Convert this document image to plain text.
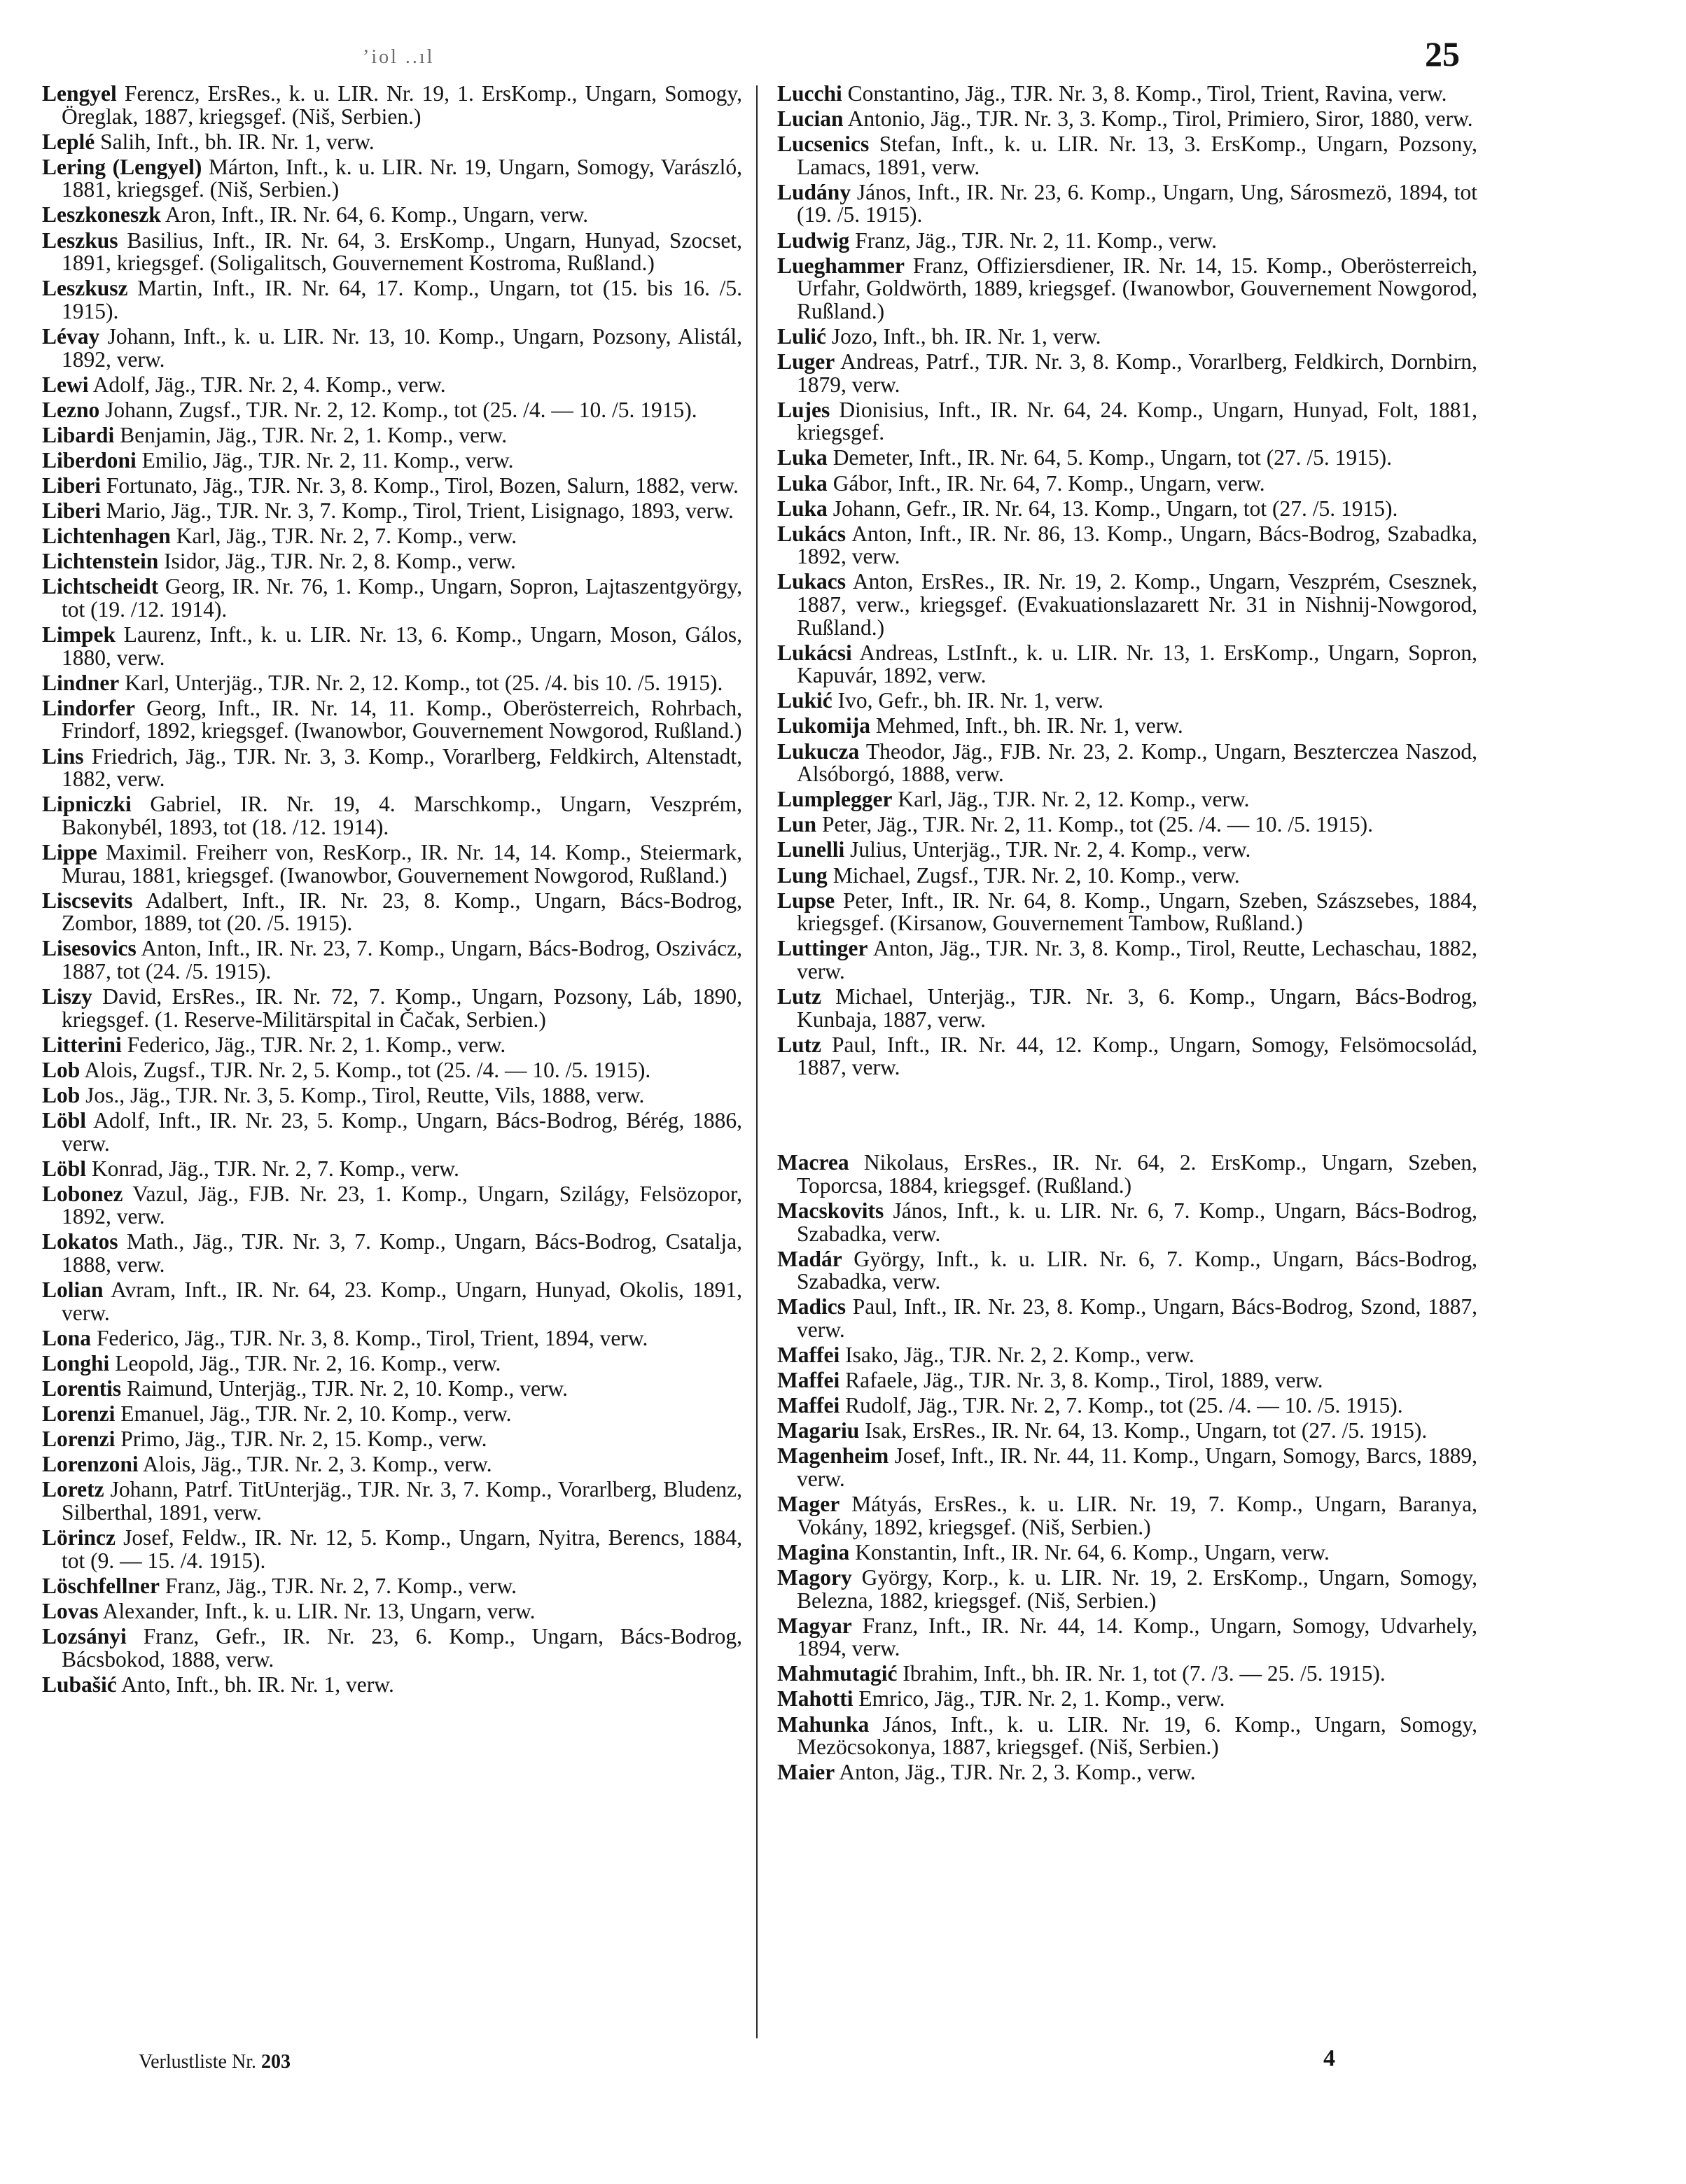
ʼiol ..ıl	25
Lengyel Ferencz, ErsRes., k. u. LIR. Nr. 19, 1. ErsKomp., Ungarn, Somogy, Öreglak, 1887, kriegsgef. (Niš, Serbien.)
Leplé Salih, Inft., bh. IR. Nr. 1, verw.
Lering (Lengyel) Márton, Inft., k. u. LIR. Nr. 19, Ungarn, Somogy, Varászló, 1881, kriegsgef. (Niš, Serbien.)
Leszkoneszk Aron, Inft., IR. Nr. 64, 6. Komp., Ungarn, verw.
Leszkus Basilius, Inft., IR. Nr. 64, 3. ErsKomp., Ungarn, Hunyad, Szocset, 1891, kriegsgef. (Soligalitsch, Gouvernement Kostroma, Rußland.)
Leszkusz Martin, Inft., IR. Nr. 64, 17. Komp., Ungarn, tot (15. bis 16. /5. 1915).
Lévay Johann, Inft., k. u. LIR. Nr. 13, 10. Komp., Ungarn, Pozsony, Alistál, 1892, verw.
Lewi Adolf, Jäg., TJR. Nr. 2, 4. Komp., verw.
Lezno Johann, Zugsf., TJR. Nr. 2, 12. Komp., tot (25. /4. — 10. /5. 1915).
Libardi Benjamin, Jäg., TJR. Nr. 2, 1. Komp., verw.
Liberdoni Emilio, Jäg., TJR. Nr. 2, 11. Komp., verw.
Liberi Fortunato, Jäg., TJR. Nr. 3, 8. Komp., Tirol, Bozen, Salurn, 1882, verw.
Liberi Mario, Jäg., TJR. Nr. 3, 7. Komp., Tirol, Trient, Lisignago, 1893, verw.
Lichtenhagen Karl, Jäg., TJR. Nr. 2, 7. Komp., verw.
Lichtenstein Isidor, Jäg., TJR. Nr. 2, 8. Komp., verw.
Lichtscheidt Georg, IR. Nr. 76, 1. Komp., Ungarn, Sopron, Lajtaszentgyörgy, tot (19. /12. 1914).
Limpek Laurenz, Inft., k. u. LIR. Nr. 13, 6. Komp., Ungarn, Moson, Gálos, 1880, verw.
Lindner Karl, Unterjäg., TJR. Nr. 2, 12. Komp., tot (25. /4. bis 10. /5. 1915).
Lindorfer Georg, Inft., IR. Nr. 14, 11. Komp., Oberösterreich, Rohrbach, Frindorf, 1892, kriegsgef. (Iwanowbor, Gouvernement Nowgorod, Rußland.)
Lins Friedrich, Jäg., TJR. Nr. 3, 3. Komp., Vorarlberg, Feldkirch, Altenstadt, 1882, verw.
Lipniczki Gabriel, IR. Nr. 19, 4. Marschkomp., Ungarn, Veszprém, Bakonybél, 1893, tot (18. /12. 1914).
Lippe Maximil. Freiherr von, ResKorp., IR. Nr. 14, 14. Komp., Steiermark, Murau, 1881, kriegsgef. (Iwanowbor, Gouvernement Nowgorod, Rußland.)
Liscsevits Adalbert, Inft., IR. Nr. 23, 8. Komp., Ungarn, Bács-Bodrog, Zombor, 1889, tot (20. /5. 1915).
Lisesovics Anton, Inft., IR. Nr. 23, 7. Komp., Ungarn, Bács-Bodrog, Oszivácz, 1887, tot (24. /5. 1915).
Liszy David, ErsRes., IR. Nr. 72, 7. Komp., Ungarn, Pozsony, Láb, 1890, kriegsgef. (1. Reserve-Militärspital in Čačak, Serbien.)
Litterini Federico, Jäg., TJR. Nr. 2, 1. Komp., verw.
Lob Alois, Zugsf., TJR. Nr. 2, 5. Komp., tot (25. /4. — 10. /5. 1915).
Lob Jos., Jäg., TJR. Nr. 3, 5. Komp., Tirol, Reutte, Vils, 1888, verw.
Löbl Adolf, Inft., IR. Nr. 23, 5. Komp., Ungarn, Bács-Bodrog, Bérég, 1886, verw.
Löbl Konrad, Jäg., TJR. Nr. 2, 7. Komp., verw.
Lobonez Vazul, Jäg., FJB. Nr. 23, 1. Komp., Ungarn, Szilágy, Felsözopor, 1892, verw.
Lokatos Math., Jäg., TJR. Nr. 3, 7. Komp., Ungarn, Bács-Bodrog, Csatalja, 1888, verw.
Lolian Avram, Inft., IR. Nr. 64, 23. Komp., Ungarn, Hunyad, Okolis, 1891, verw.
Lona Federico, Jäg., TJR. Nr. 3, 8. Komp., Tirol, Trient, 1894, verw.
Longhi Leopold, Jäg., TJR. Nr. 2, 16. Komp., verw.
Lorentis Raimund, Unterjäg., TJR. Nr. 2, 10. Komp., verw.
Lorenzi Emanuel, Jäg., TJR. Nr. 2, 10. Komp., verw.
Lorenzi Primo, Jäg., TJR. Nr. 2, 15. Komp., verw.
Lorenzoni Alois, Jäg., TJR. Nr. 2, 3. Komp., verw.
Loretz Johann, Patrf. TitUnterjäg., TJR. Nr. 3, 7. Komp., Vorarlberg, Bludenz, Silberthal, 1891, verw.
Lörincz Josef, Feldw., IR. Nr. 12, 5. Komp., Ungarn, Nyitra, Berencs, 1884, tot (9. — 15. /4. 1915).
Löschfellner Franz, Jäg., TJR. Nr. 2, 7. Komp., verw.
Lovas Alexander, Inft., k. u. LIR. Nr. 13, Ungarn, verw.
Lozsányi Franz, Gefr., IR. Nr. 23, 6. Komp., Ungarn, Bács-Bodrog, Bácsbokod, 1888, verw.
Lubašić Anto, Inft., bh. IR. Nr. 1, verw.
Lucchi Constantino, Jäg., TJR. Nr. 3, 8. Komp., Tirol, Trient, Ravina, verw.
Lucian Antonio, Jäg., TJR. Nr. 3, 3. Komp., Tirol, Primiero, Siror, 1880, verw.
Lucsenics Stefan, Inft., k. u. LIR. Nr. 13, 3. ErsKomp., Ungarn, Pozsony, Lamacs, 1891, verw.
Ludány János, Inft., IR. Nr. 23, 6. Komp., Ungarn, Ung, Sárosmezö, 1894, tot (19. /5. 1915).
Ludwig Franz, Jäg., TJR. Nr. 2, 11. Komp., verw.
Lueghammer Franz, Offiziersdiener, IR. Nr. 14, 15. Komp., Oberösterreich, Urfahr, Goldwörth, 1889, kriegsgef. (Iwanowbor, Gouvernement Nowgorod, Rußland.)
Lulić Jozo, Inft., bh. IR. Nr. 1, verw.
Luger Andreas, Patrf., TJR. Nr. 3, 8. Komp., Vorarlberg, Feldkirch, Dornbirn, 1879, verw.
Lujes Dionisius, Inft., IR. Nr. 64, 24. Komp., Ungarn, Hunyad, Folt, 1881, kriegsgef.
Luka Demeter, Inft., IR. Nr. 64, 5. Komp., Ungarn, tot (27. /5. 1915).
Luka Gábor, Inft., IR. Nr. 64, 7. Komp., Ungarn, verw.
Luka Johann, Gefr., IR. Nr. 64, 13. Komp., Ungarn, tot (27. /5. 1915).
Lukács Anton, Inft., IR. Nr. 86, 13. Komp., Ungarn, Bács-Bodrog, Szabadka, 1892, verw.
Lukacs Anton, ErsRes., IR. Nr. 19, 2. Komp., Ungarn, Veszprém, Csesznek, 1887, verw., kriegsgef. (Evakuationslazarett Nr. 31 in Nishnij-Nowgorod, Rußland.)
Lukácsi Andreas, LstInft., k. u. LIR. Nr. 13, 1. ErsKomp., Ungarn, Sopron, Kapuvár, 1892, verw.
Lukić Ivo, Gefr., bh. IR. Nr. 1, verw.
Lukomija Mehmed, Inft., bh. IR. Nr. 1, verw.
Lukucza Theodor, Jäg., FJB. Nr. 23, 2. Komp., Ungarn, Beszterczea Naszod, Alsóborgó, 1888, verw.
Lumplegger Karl, Jäg., TJR. Nr. 2, 12. Komp., verw.
Lun Peter, Jäg., TJR. Nr. 2, 11. Komp., tot (25. /4. — 10. /5. 1915).
Lunelli Julius, Unterjäg., TJR. Nr. 2, 4. Komp., verw.
Lung Michael, Zugsf., TJR. Nr. 2, 10. Komp., verw.
Lupse Peter, Inft., IR. Nr. 64, 8. Komp., Ungarn, Szeben, Szászsebes, 1884, kriegsgef. (Kirsanow, Gouvernement Tambow, Rußland.)
Luttinger Anton, Jäg., TJR. Nr. 3, 8. Komp., Tirol, Reutte, Lechaschau, 1882, verw.
Lutz Michael, Unterjäg., TJR. Nr. 3, 6. Komp., Ungarn, Bács-Bodrog, Kunbaja, 1887, verw.
Lutz Paul, Inft., IR. Nr. 44, 12. Komp., Ungarn, Somogy, Felsömocsolád, 1887, verw.
Macrea Nikolaus, ErsRes., IR. Nr. 64, 2. ErsKomp., Ungarn, Szeben, Toporcsa, 1884, kriegsgef. (Rußland.)
Macskovits János, Inft., k. u. LIR. Nr. 6, 7. Komp., Ungarn, Bács-Bodrog, Szabadka, verw.
Madár György, Inft., k. u. LIR. Nr. 6, 7. Komp., Ungarn, Bács-Bodrog, Szabadka, verw.
Madics Paul, Inft., IR. Nr. 23, 8. Komp., Ungarn, Bács-Bodrog, Szond, 1887, verw.
Maffei Isako, Jäg., TJR. Nr. 2, 2. Komp., verw.
Maffei Rafaele, Jäg., TJR. Nr. 3, 8. Komp., Tirol, 1889, verw.
Maffei Rudolf, Jäg., TJR. Nr. 2, 7. Komp., tot (25. /4. — 10. /5. 1915).
Magariu Isak, ErsRes., IR. Nr. 64, 13. Komp., Ungarn, tot (27. /5. 1915).
Magenheim Josef, Inft., IR. Nr. 44, 11. Komp., Ungarn, Somogy, Barcs, 1889, verw.
Mager Mátyás, ErsRes., k. u. LIR. Nr. 19, 7. Komp., Ungarn, Baranya, Vokány, 1892, kriegsgef. (Niš, Serbien.)
Magina Konstantin, Inft., IR. Nr. 64, 6. Komp., Ungarn, verw.
Magory György, Korp., k. u. LIR. Nr. 19, 2. ErsKomp., Ungarn, Somogy, Belezna, 1882, kriegsgef. (Niš, Serbien.)
Magyar Franz, Inft., IR. Nr. 44, 14. Komp., Ungarn, Somogy, Udvarhely, 1894, verw.
Mahmutagić Ibrahim, Inft., bh. IR. Nr. 1, tot (7. /3. — 25. /5. 1915).
Mahotti Emrico, Jäg., TJR. Nr. 2, 1. Komp., verw.
Mahunka János, Inft., k. u. LIR. Nr. 19, 6. Komp., Ungarn, Somogy, Mezöcsokonya, 1887, kriegsgef. (Niš, Serbien.)
Maier Anton, Jäg., TJR. Nr. 2, 3. Komp., verw.
Verlustliste Nr. 203	4
